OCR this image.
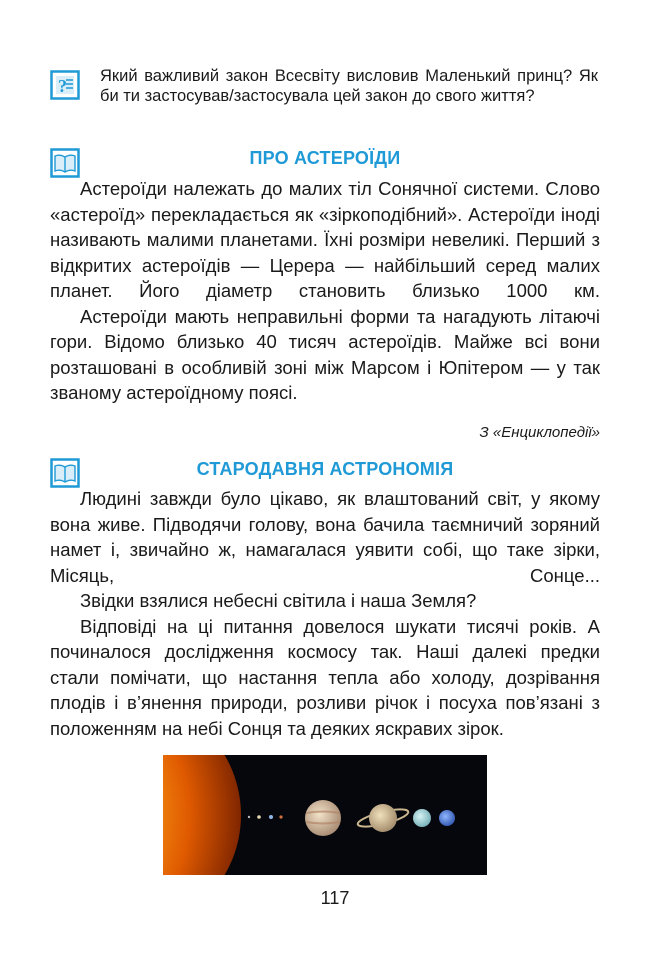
? Який важливий закон Всесвіту висловив Маленький принц? Як би ти застосував/застосувала цей закон до свого життя?
ПРО АСТЕРОЇДИ

Астероїди належать до малих тіл Сонячної системи. Слово «астероїд» перекладається як «зіркоподібний». Астероїди іноді називають малими планетами. Їхні розміри невеликі. Перший з відкритих астероїдів — Церера — найбільший серед малих планет. Його діаметр становить близько 1000 км.

Астероїди мають неправильні форми та нагадують літаючі гори. Відомо близько 40 тисяч астероїдів. Майже всі вони розташовані в особливій зоні між Марсом і Юпітером — у так званому астероїдному поясі.

З «Енциклопедії»
СТАРОДАВНЯ АСТРОНОМІЯ

Людині завжди було цікаво, як влаштований світ, у якому вона живе. Підводячи голову, вона бачила таємничий зоряний намет і, звичайно ж, намагалася уявити собі, що таке зірки, Місяць, Сонце...

Звідки взялися небесні світила і наша Земля?

Відповіді на ці питання довелося шукати тисячі років. А починалося дослідження космосу так. Наші далекі предки стали помічати, що настання тепла або холоду, дозрівання плодів і в’янення природи, розливи річок і посуха пов’язані з положенням на небі Сонця та деяких яскравих зірок.

117
